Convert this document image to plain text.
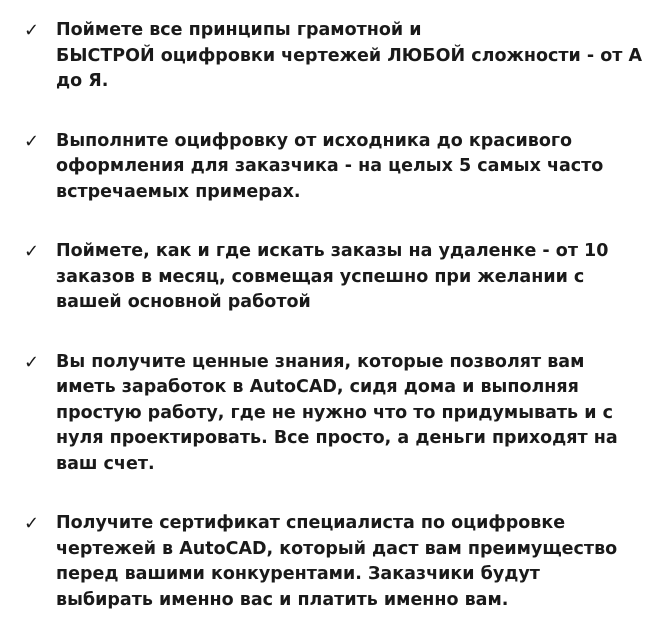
✓ Поймете все принципы грамотной и
БЫСТРОЙ оцифровки чертежей ЛЮБОЙ сложности - от А
до Я.

✓ Выполните оцифровку от исходника до красивого
оформления для заказчика - на целых 5 самых часто
встречаемых примерах.

✓ Поймете, как и где искать заказы на удаленке - от 10
заказов в месяц, совмещая успешно при желании с
вашей основной работой

✓ Вы получите ценные знания, которые позволят вам
иметь заработок в AutoCAD, сидя дома и выполняя
простую работу, где не нужно что то придумывать и с
нуля проектировать. Все просто, а деньги приходят на
ваш счет.

✓ Получите сертификат специалиста по оцифровке
чертежей в AutoCAD, который даст вам преимущество
перед вашими конкурентами. Заказчики будут
выбирать именно вас и платить именно вам.
